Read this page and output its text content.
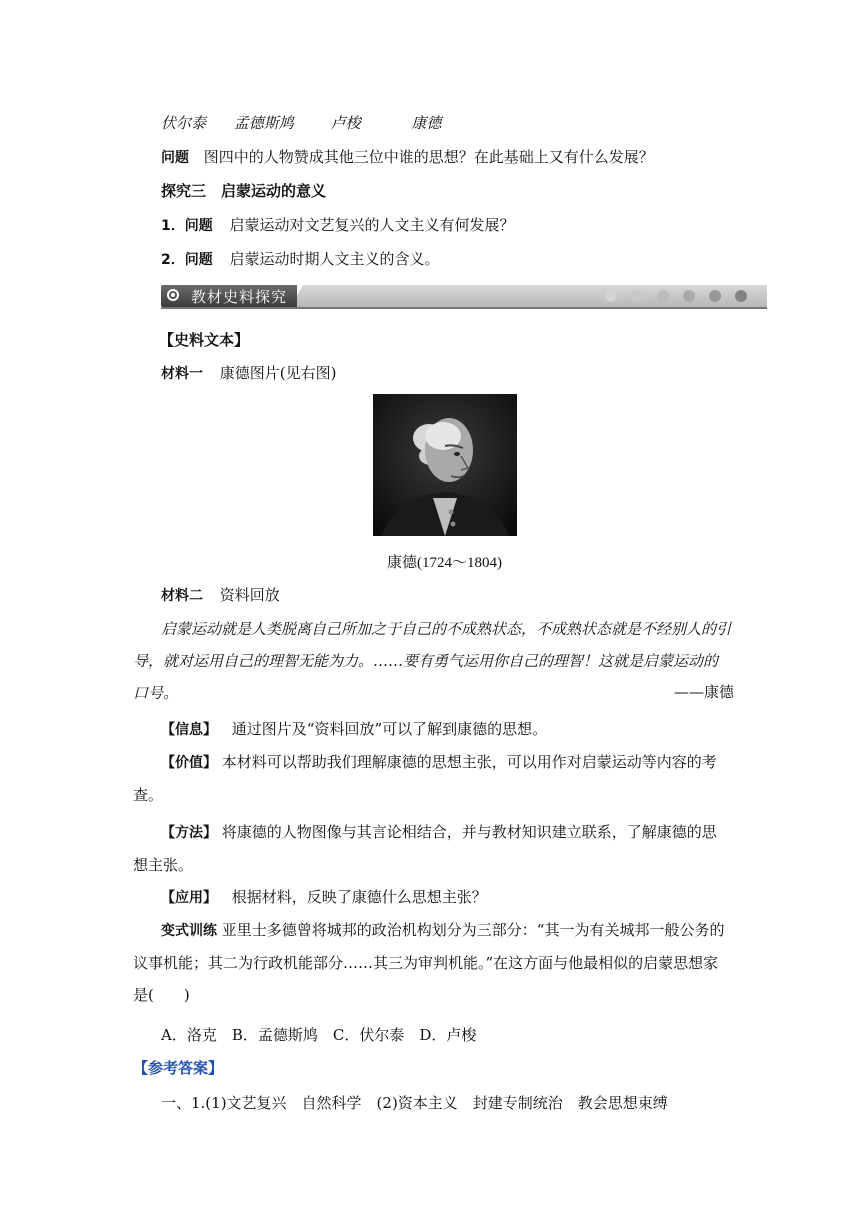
伏尔泰 孟德斯鸠 卢梭	康德
问题 图四中的人物赞成其他三位中谁的思想？在此基础上又有什么发展？
探究三　启蒙运动的意义
1．问题 启蒙运动对文艺复兴的人文主义有何发展？
2．问题 启蒙运动时期人文主义的含义。
教材史料探究
【史料文本】
材料一 康德图片(见右图)
康德(1724～1804)
材料二 资料回放
启蒙运动就是人类脱离自己所加之于自己的不成熟状态，不成熟状态就是不经别人的引导，就对运用自己的理智无能为力。……要有勇气运用你自己的理智！这就是启蒙运动的口号。	——康德
【信息】 通过图片及“资料回放”可以了解到康德的思想。
【价值】 本材料可以帮助我们理解康德的思想主张，可以用作对启蒙运动等内容的考查。
【方法】 将康德的人物图像与其言论相结合，并与教材知识建立联系，了解康德的思想主张。
【应用】 根据材料，反映了康德什么思想主张？
变式训练 亚里士多德曾将城邦的政治机构划分为三部分：“其一为有关城邦一般公务的议事机能；其二为行政机能部分……其三为审判机能。”在这方面与他最相似的启蒙思想家是(　　)
A．洛克　B．孟德斯鸠　C．伏尔泰　D．卢梭
【参考答案】
一、1.(1)文艺复兴　自然科学　(2)资本主义　封建专制统治　教会思想束缚
